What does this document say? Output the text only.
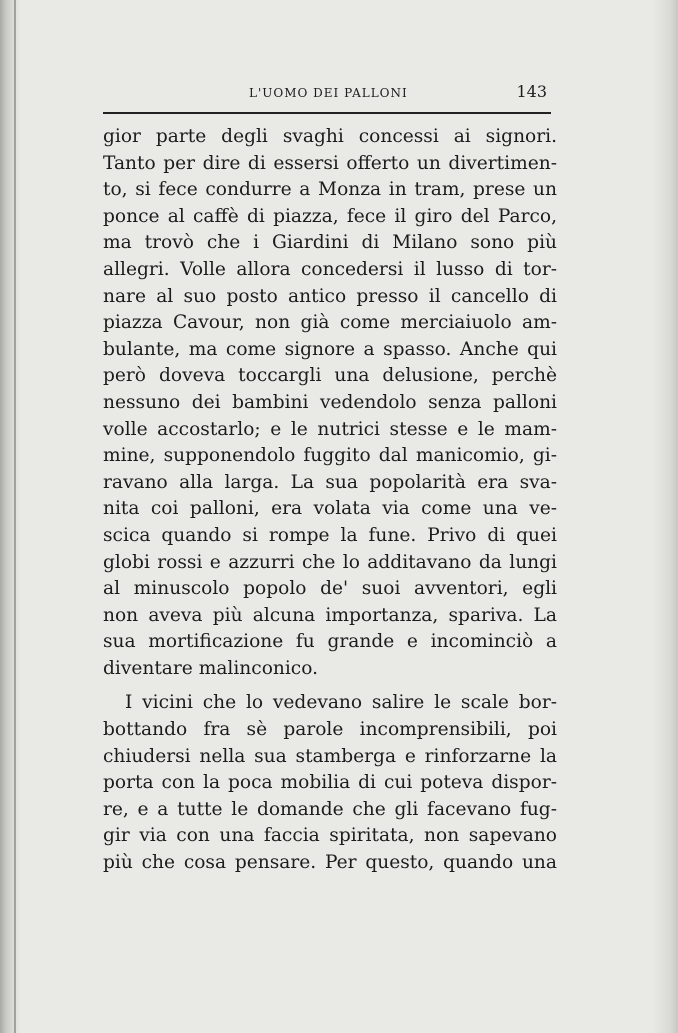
L'UOMO DEI PALLONI	143
gior parte degli svaghi concessi ai signori.
Tanto per dire di essersi offerto un divertimen-
to, si fece condurre a Monza in tram, prese un
ponce al caffè di piazza, fece il giro del Parco,
ma trovò che i Giardini di Milano sono più
allegri. Volle allora concedersi il lusso di tor-
nare al suo posto antico presso il cancello di
piazza Cavour, non già come merciaiuolo am-
bulante, ma come signore a spasso. Anche qui
però doveva toccargli una delusione, perchè
nessuno dei bambini vedendolo senza palloni
volle accostarlo; e le nutrici stesse e le mam-
mine, supponendolo fuggito dal manicomio, gi-
ravano alla larga. La sua popolarità era sva-
nita coi palloni, era volata via come una ve-
scica quando si rompe la fune. Privo di quei
globi rossi e azzurri che lo additavano da lungi
al minuscolo popolo de' suoi avventori, egli
non aveva più alcuna importanza, spariva. La
sua mortificazione fu grande e incominciò a
diventare malinconico.
I vicini che lo vedevano salire le scale bor-
bottando fra sè parole incomprensibili, poi
chiudersi nella sua stamberga e rinforzarne la
porta con la poca mobilia di cui poteva dispor-
re, e a tutte le domande che gli facevano fug-
gir via con una faccia spiritata, non sapevano
più che cosa pensare. Per questo, quando una
